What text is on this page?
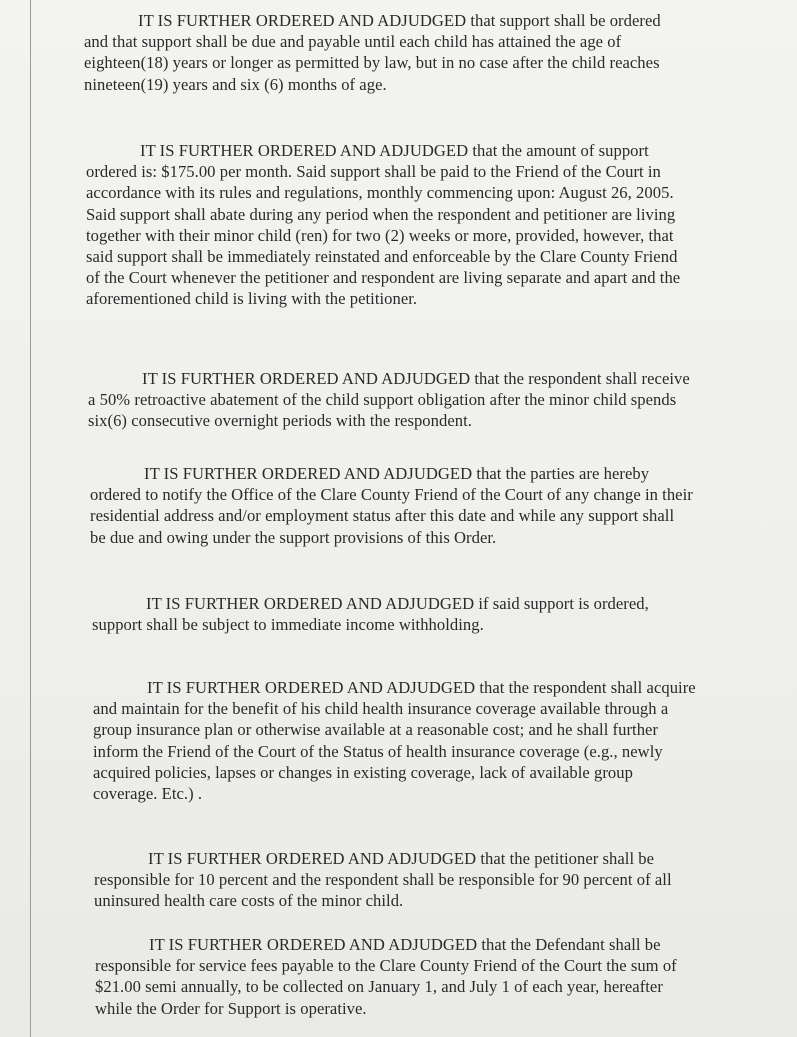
IT IS FURTHER ORDERED AND ADJUDGED that support shall be ordered
and that support shall be due and payable until each child has attained the age of
eighteen(18) years or longer as permitted by law, but in no case after the child reaches
nineteen(19) years and six (6) months of age.

IT IS FURTHER ORDERED AND ADJUDGED that the amount of support
ordered is: $175.00 per month. Said support shall be paid to the Friend of the Court in
accordance with its rules and regulations, monthly commencing upon: August 26, 2005.
Said support shall abate during any period when the respondent and petitioner are living
together with their minor child (ren) for two (2) weeks or more, provided, however, that
said support shall be immediately reinstated and enforceable by the Clare County Friend
of the Court whenever the petitioner and respondent are living separate and apart and the
aforementioned child is living with the petitioner.

IT IS FURTHER ORDERED AND ADJUDGED that the respondent shall receive
a 50% retroactive abatement of the child support obligation after the minor child spends
six(6) consecutive overnight periods with the respondent.

IT IS FURTHER ORDERED AND ADJUDGED that the parties are hereby
ordered to notify the Office of the Clare County Friend of the Court of any change in their
residential address and/or employment status after this date and while any support shall
be due and owing under the support provisions of this Order.

IT IS FURTHER ORDERED AND ADJUDGED if said support is ordered,
support shall be subject to immediate income withholding.

IT IS FURTHER ORDERED AND ADJUDGED that the respondent shall acquire
and maintain for the benefit of his child health insurance coverage available through a
group insurance plan or otherwise available at a reasonable cost; and he shall further
inform the Friend of the Court of the Status of health insurance coverage (e.g., newly
acquired policies, lapses or changes in existing coverage, lack of available group
coverage. Etc.) .

IT IS FURTHER ORDERED AND ADJUDGED that the petitioner shall be
responsible for 10 percent and the respondent shall be responsible for 90 percent of all
uninsured health care costs of the minor child.

IT IS FURTHER ORDERED AND ADJUDGED that the Defendant shall be
responsible for service fees payable to the Clare County Friend of the Court the sum of
$21.00 semi annually, to be collected on January 1, and July 1 of each year, hereafter
while the Order for Support is operative.
